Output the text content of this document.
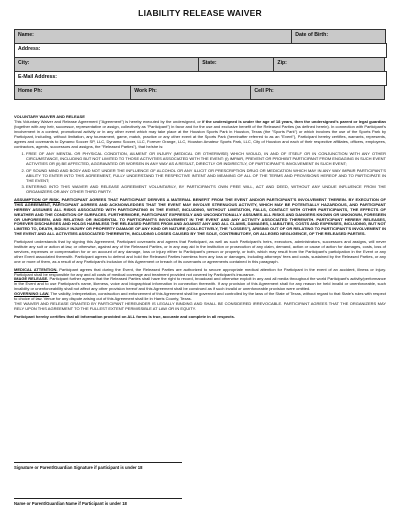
LIABILITY RELEASE WAIVER
Name:	Date of Birth:
Address:
City:	State:	Zip:
E-Mail Address:
Home Ph:	Work Ph:	Cell Ph:
VOLUNTARY WAIVER AND RELEASE

This Voluntary Waiver and Release Agreement ("Agreement") is hereby executed by the undersigned, or if the undersigned is under the age of 18 years, then the undersigned's parent or legal guardian (together with any heir, successor, representative or assign, collectively as "Participant") in favor and for the use and exclusive benefit of the Released Parties (as defined herein). In connection with Participant's involvement in a contest, promotional activity or in any other event which may take place at the Houston Sports Park in Houston, Texas (the "Sports Park") or which involves the use of the Sports Park by Participant, including, without limitation, any tournament, game, match, practice or any other event at the Sports Park (hereinafter referred to as an "Event"), Participant hereby certifies, warrants, represents, agrees and covenants to Dynamo Soccer SP, LLC, Dynamo Soccer, LLC, Forever Orange, LLC, Houston Amateur Sports Park, LLC, City of Houston and each of their respective affiliates, officers, employees, contractors, agents, successors and assigns, the "Released Parties"), that he/she is:

1. FREE OF ANY MENTAL OR PHYSICAL CONDITION, AILMENT OR INJURY (MEDICAL OR OTHERWISE) WHICH WOULD, IN AND OF ITSELF OR IN CONJUNCTION WITH ANY OTHER CIRCUMSTANCE, INCLUDING BUT NOT LIMITED TO THOSE ACTIVITIES ASSOCIATED WITH THE EVENT: (i) IMPAIR, PREVENT OR PROHIBIT PARTICIPANT FROM ENGAGING IN SUCH EVENT ACTIVITIES OR (ii) BE AFFECTED, AGGRAVATED OR WORSEN IN ANY WAY AS A RESULT, DIRECTLY OR INDIRECTLY, OF PARTICIPANT'S INVOLVEMENT IN SUCH EVENT;
2. OF SOUND MIND AND BODY AND NOT UNDER THE INFLUENCE OF ALCOHOL OR ANY ILLICIT OR PRESCRIPTION DRUG OR MEDICATION WHICH MAY IN ANY WAY IMPAIR PARTICIPANT'S ABILITY TO ENTER INTO THIS AGREEMENT, FULLY UNDERSTAND THE RESPECTIVE INTENT AND MEANING OF ALL OF THE TERMS AND PROVISIONS HEREOF AND TO PARTICIPATE IN THE EVENT;
3. ENTERING INTO THIS WAIVER AND RELEASE AGREEMENT VOLUNTARILY, BY PARTICIPANT'S OWN FREE WILL, ACT AND DEED, WITHOUT ANY UNDUE INFLUENCE FROM THE ORGANIZERS OR ANY OTHER THIRD PARTY.

ASSUMPTION OF RISK. PARTICIPANT AGREES THAT PARTICIPANT DERIVES A MATERIAL BENEFIT FROM THE EVENT AND/OR PARTICIPANT'S INVOLVEMENT THEREIN. BY EXECUTION OF THIS AGREEMENT, PARTICIPANT AGREES AND ACKNOWLEDGES THAT THE EVENT MAY INVOLVE STRENUOUS ACTIVITY, WHICH MAY BE POTENTIALLY HAZARDOUS, AND PARTICIPANT HEREBY ASSUMES ALL RISKS ASSOCIATED WITH PARTICIPATING IN THE EVENT, INCLUDING, WITHOUT LIMITATION, FALLS, CONTACT WITH OTHER PARTICIPANTS, THE EFFECTS OF WEATHER AND THE CONDITION OF SURFACES. FURTHERMORE, PARTICIPANT EXPRESSLY AND UNCONDITIONALLY ASSUMES ALL RISKS AND DANGERS KNOWN OR UNKNOWN, FORESEEN OR UNFORESEEN, AND RELATING OR INCIDENTAL TO PARTICIPANT'S INVOLVEMENT IN THE EVENT AND ANY ACTIVITY ASSOCIATED THEREWITH. PARTICIPANT HEREBY RELEASES, FOREVER DISCHARGES AND HOLDS HARMLESS THE RELEASED PARTIES FROM AND AGAINST ANY AND ALL CLAIMS, DAMAGES, LIABILITIES, COSTS AND EXPENSES, INCLUDING, BUT NOT LIMITED TO, DEATH, BODILY INJURY OR PROPERTY DAMAGE OF ANY KIND OR NATURE (COLLECTIVELY, THE "LOSSES"), ARISING OUT OF OR RELATING TO PARTICIPANT'S INVOLVEMENT IN THE EVENT AND ALL ACTIVITIES ASSOCIATED THEREWITH, INCLUDING LOSSES CAUSED BY THE SOLE, CONTRIBUTORY, OR ALLEGED NEGLIGENCE, OF THE RELEASED PARTIES.

Participant understands that by signing this Agreement, Participant covenants and agrees that Participant, as well as such Participant's heirs, executors, administrators, successors and assigns, will never institute any suit or action at law, or otherwise, against any of the Released Parties, or in any way aid in the institution or prosecution of any claim, demand, action or cause of action for damages, costs, loss of services, expenses or compensation for or on account of any damage, loss or injury either to Participant's person or property, or both, which may result from the Participant's participation in the Event or any other Event associated therewith. Participant agrees to defend and hold the Released Parties harmless from any loss or damages, including attorneys' fees and costs, sustained by the Released Parties, or any one or more of them, as a result of any Participant's inclusion of this Agreement or breach of its covenants or agreements contained in this paragraph.

MEDICAL ATTENTION. Participant agrees that during the Event, the Released Parties are authorized to secure appropriate medical attention for Participant in the event of an accident, illness or injury. Participant shall be responsible for any and all costs of medical coverage and treatment provided not covered by Participant's insurance.

IMAGE RELEASE. Participant further agrees that the Released Parties shall have the right to record, broadcast and otherwise exploit in any and all media throughout the world Participant's activity/performance in the Event and to use Participant's name, likeness, voice and biographical information in connection therewith. If any provision of this Agreement shall for any reason be held invalid or unenforceable, such invalidity or unenforceability shall not affect any other provision hereof and this Agreement shall be construed as if such invalid or unenforceable provision were omitted.

GOVERNING LAW. The validity, interpretation, construction and enforcement of this Agreement shall be governed and controlled by the laws of the State of Texas, without regard to that State's rules with respect to choice of law. Venue for any dispute arising out of this Agreement shall lie in Harris County, Texas.

THE WAIVER AND RELEASE GRANTED BY PARTICIPANT HEREUNDER IS LEGALLY BINDING AND SHALL BE CONSIDERED IRREVOCABLE. PARTICIPANT AGREES THAT THE ORGANIZERS MAY RELY UPON THIS AGREEMENT TO THE FULLEST EXTENT PERMISSIBLE AT LAW OR IN EQUITY.

Participant hereby certifies that all information provided on ALL forms is true, accurate and complete in all respects.

Signature or Parent/Guardian Signature if participant is under 18
Name or Parent/Guardian Name if Participant is under 18
